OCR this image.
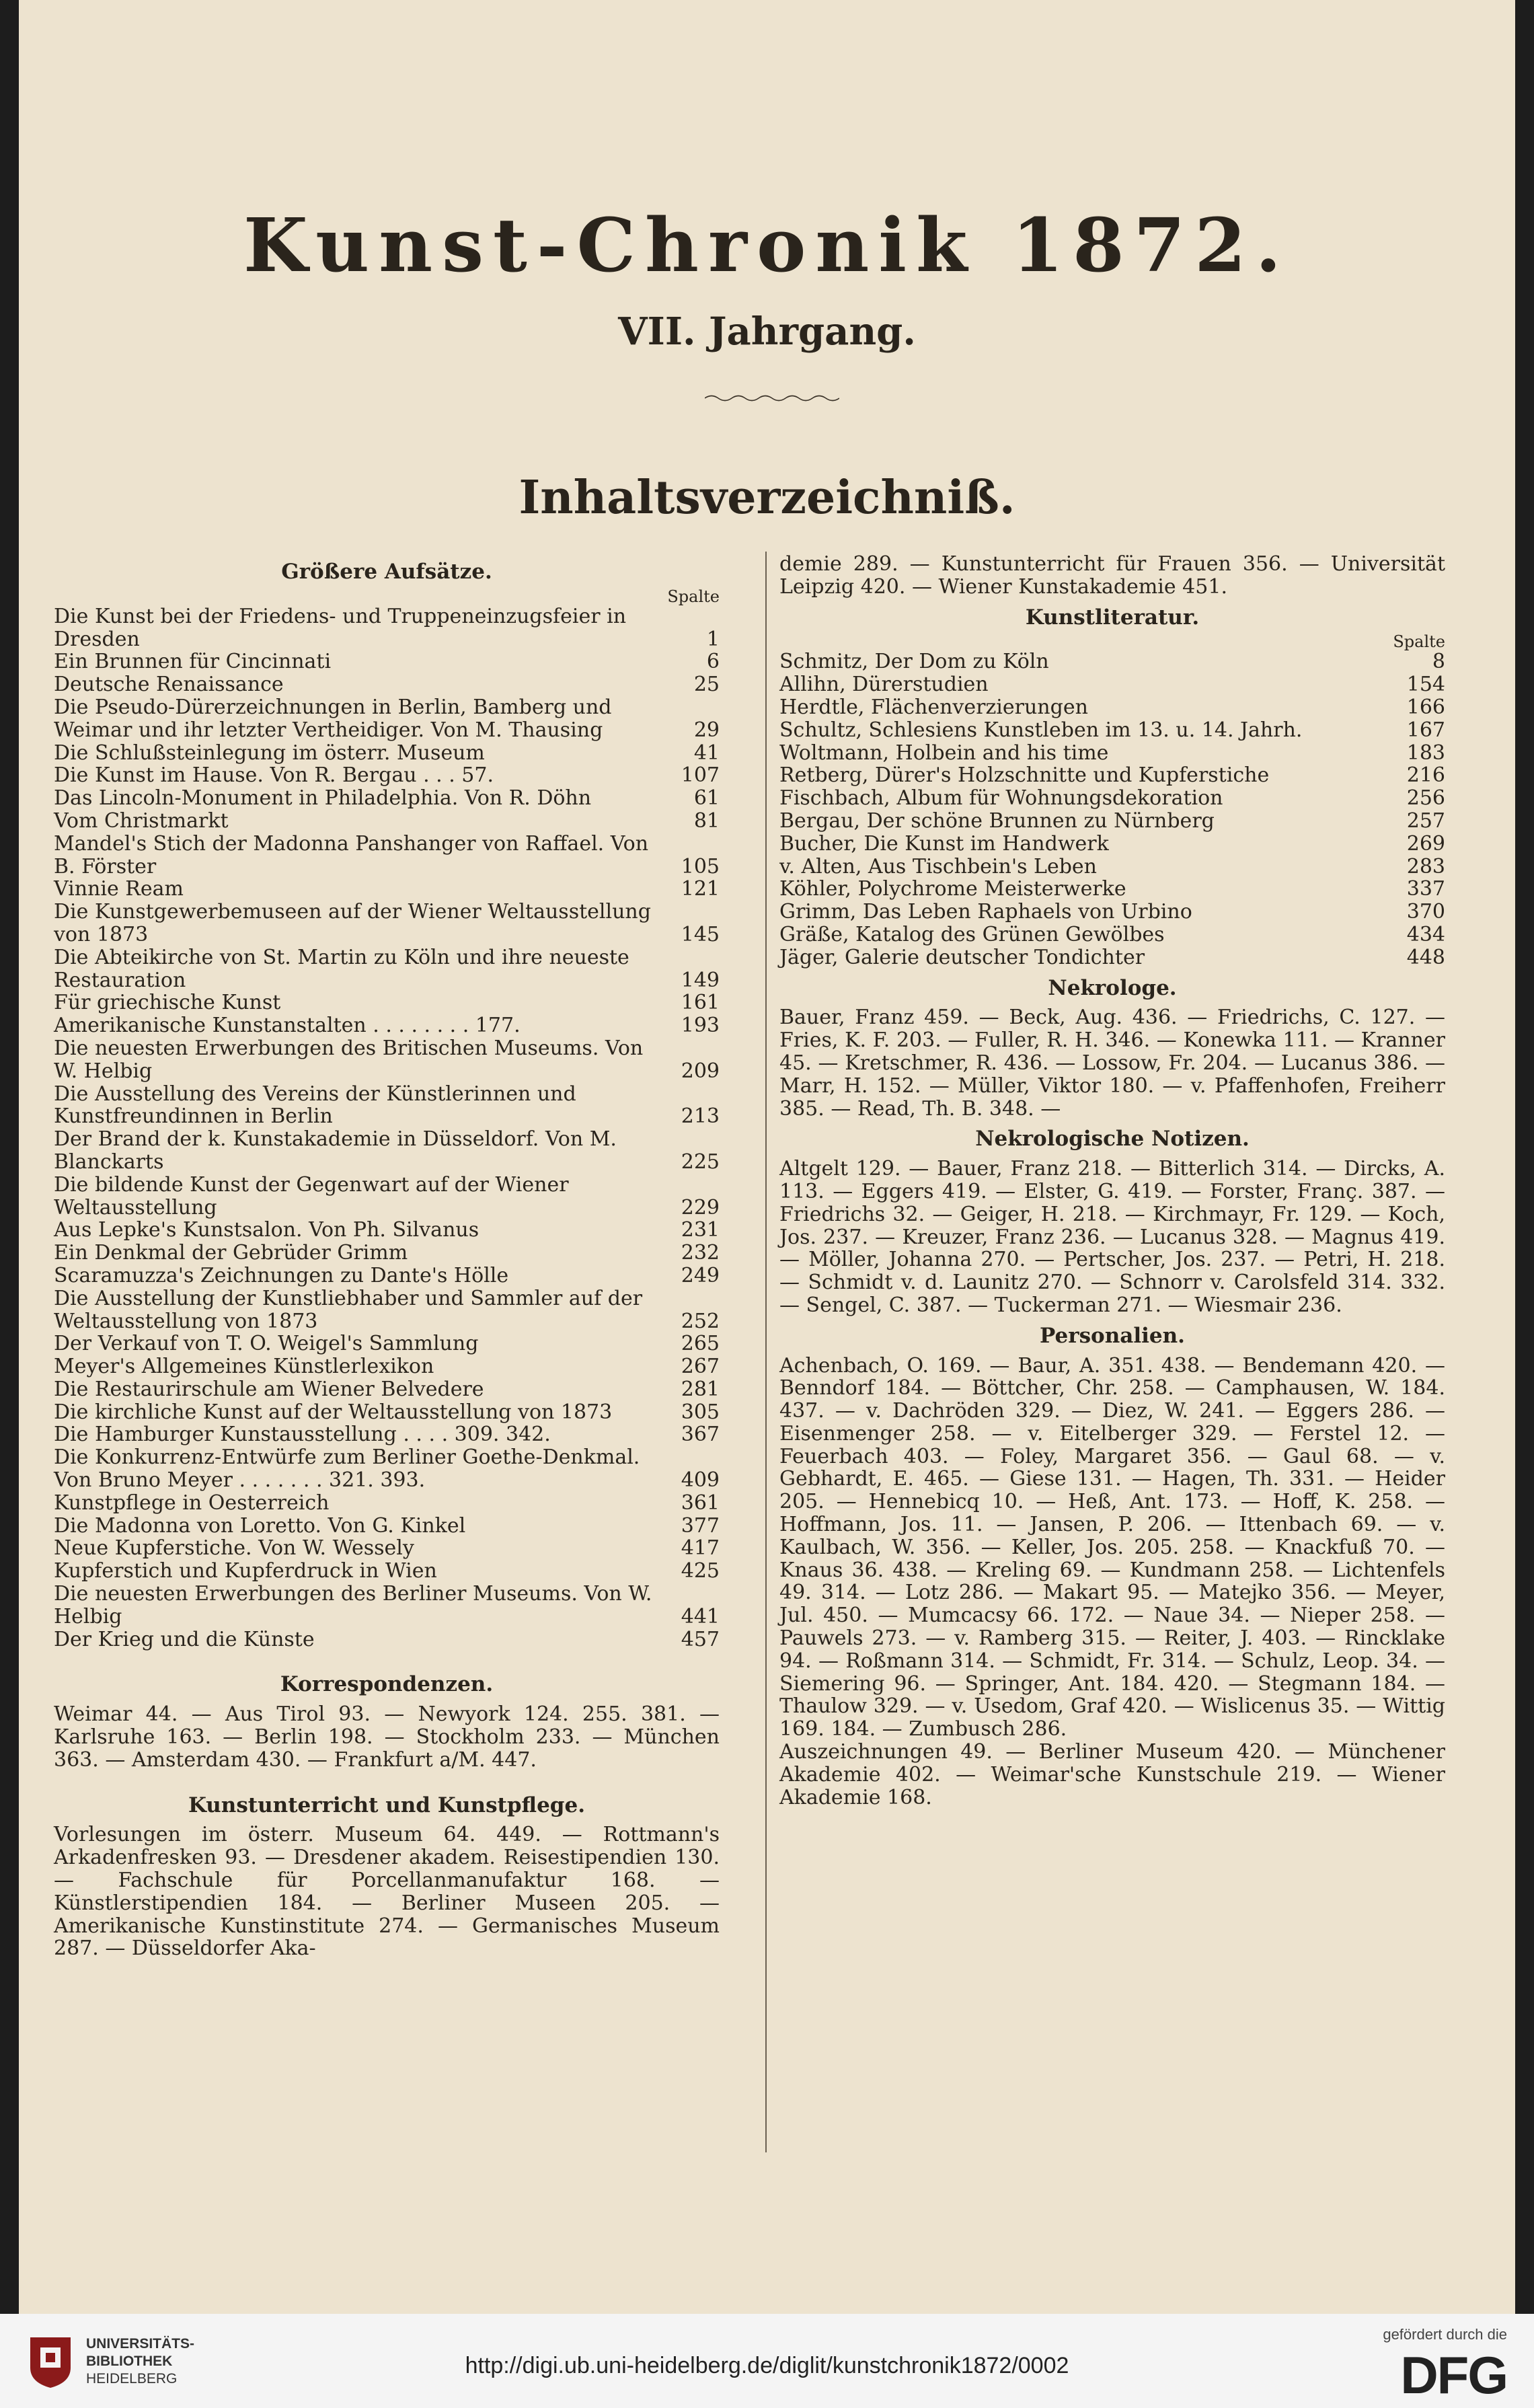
Kunst-Chronik 1872.
VII. Jahrgang.
Inhaltsverzeichniß.
Größere Aufsätze.
Spalte
Die Kunst bei der Friedens- und Truppeneinzugsfeier in Dresden	1
Ein Brunnen für Cincinnati	6
Deutsche Renaissance	25
Die Pseudo-Dürerzeichnungen in Berlin, Bamberg und Weimar und ihr letzter Vertheidiger. Von M. Thausing	29
Die Schlußsteinlegung im österr. Museum	41
Die Kunst im Hause. Von R. Bergau . . . 57.	107
Das Lincoln-Monument in Philadelphia. Von R. Döhn	61
Vom Christmarkt	81
Mandel's Stich der Madonna Panshanger von Raffael. Von B. Förster	105
Vinnie Ream	121
Die Kunstgewerbemuseen auf der Wiener Weltausstellung von 1873	145
Die Abteikirche von St. Martin zu Köln und ihre neueste Restauration	149
Für griechische Kunst	161
Amerikanische Kunstanstalten . . . . . . . . 177.	193
Die neuesten Erwerbungen des Britischen Museums. Von W. Helbig	209
Die Ausstellung des Vereins der Künstlerinnen und Kunstfreundinnen in Berlin	213
Der Brand der k. Kunstakademie in Düsseldorf. Von M. Blanckarts	225
Die bildende Kunst der Gegenwart auf der Wiener Weltausstellung	229
Aus Lepke's Kunstsalon. Von Ph. Silvanus	231
Ein Denkmal der Gebrüder Grimm	232
Scaramuzza's Zeichnungen zu Dante's Hölle	249
Die Ausstellung der Kunstliebhaber und Sammler auf der Weltausstellung von 1873	252
Der Verkauf von T. O. Weigel's Sammlung	265
Meyer's Allgemeines Künstlerlexikon	267
Die Restaurirschule am Wiener Belvedere	281
Die kirchliche Kunst auf der Weltausstellung von 1873	305
Die Hamburger Kunstausstellung . . . . 309. 342.	367
Die Konkurrenz-Entwürfe zum Berliner Goethe-Denkmal. Von Bruno Meyer . . . . . . . 321. 393.	409
Kunstpflege in Oesterreich	361
Die Madonna von Loretto. Von G. Kinkel	377
Neue Kupferstiche. Von W. Wessely	417
Kupferstich und Kupferdruck in Wien	425
Die neuesten Erwerbungen des Berliner Museums. Von W. Helbig	441
Der Krieg und die Künste	457
Korrespondenzen.
Weimar 44. — Aus Tirol 93. — Newyork 124. 255. 381. — Karlsruhe 163. — Berlin 198. — Stockholm 233. — München 363. — Amsterdam 430. — Frankfurt a/M. 447.
Kunstunterricht und Kunstpflege.
Vorlesungen im österr. Museum 64. 449. — Rottmann's Arkadenfresken 93. — Dresdener akadem. Reisestipendien 130. — Fachschule für Porcellanmanufaktur 168. — Künstlerstipendien 184. — Berliner Museen 205. — Amerikanische Kunstinstitute 274. — Germanisches Museum 287. — Düsseldorfer Aka-
demie 289. — Kunstunterricht für Frauen 356. — Universität Leipzig 420. — Wiener Kunstakademie 451.
Kunstliteratur.
Spalte
Schmitz, Der Dom zu Köln	8
Allihn, Dürerstudien	154
Herdtle, Flächenverzierungen	166
Schultz, Schlesiens Kunstleben im 13. u. 14. Jahrh.	167
Woltmann, Holbein and his time	183
Retberg, Dürer's Holzschnitte und Kupferstiche	216
Fischbach, Album für Wohnungsdekoration	256
Bergau, Der schöne Brunnen zu Nürnberg	257
Bucher, Die Kunst im Handwerk	269
v. Alten, Aus Tischbein's Leben	283
Köhler, Polychrome Meisterwerke	337
Grimm, Das Leben Raphaels von Urbino	370
Gräße, Katalog des Grünen Gewölbes	434
Jäger, Galerie deutscher Tondichter	448
Nekrologe.
Bauer, Franz 459. — Beck, Aug. 436. — Friedrichs, C. 127. — Fries, K. F. 203. — Fuller, R. H. 346. — Konewka 111. — Kranner 45. — Kretschmer, R. 436. — Lossow, Fr. 204. — Lucanus 386. — Marr, H. 152. — Müller, Viktor 180. — v. Pfaffenhofen, Freiherr 385. — Read, Th. B. 348. —
Nekrologische Notizen.
Altgelt 129. — Bauer, Franz 218. — Bitterlich 314. — Dircks, A. 113. — Eggers 419. — Elster, G. 419. — Forster, Franç. 387. — Friedrichs 32. — Geiger, H. 218. — Kirchmayr, Fr. 129. — Koch, Jos. 237. — Kreuzer, Franz 236. — Lucanus 328. — Magnus 419. — Möller, Johanna 270. — Pertscher, Jos. 237. — Petri, H. 218. — Schmidt v. d. Launitz 270. — Schnorr v. Carolsfeld 314. 332. — Sengel, C. 387. — Tuckerman 271. — Wiesmair 236.
Personalien.
Achenbach, O. 169. — Baur, A. 351. 438. — Bendemann 420. — Benndorf 184. — Böttcher, Chr. 258. — Camphausen, W. 184. 437. — v. Dachröden 329. — Diez, W. 241. — Eggers 286. — Eisenmenger 258. — v. Eitelberger 329. — Ferstel 12. — Feuerbach 403. — Foley, Margaret 356. — Gaul 68. — v. Gebhardt, E. 465. — Giese 131. — Hagen, Th. 331. — Heider 205. — Hennebicq 10. — Heß, Ant. 173. — Hoff, K. 258. — Hoffmann, Jos. 11. — Jansen, P. 206. — Ittenbach 69. — v. Kaulbach, W. 356. — Keller, Jos. 205. 258. — Knackfuß 70. — Knaus 36. 438. — Kreling 69. — Kundmann 258. — Lichtenfels 49. 314. — Lotz 286. — Makart 95. — Matejko 356. — Meyer, Jul. 450. — Mumcacsy 66. 172. — Naue 34. — Nieper 258. — Pauwels 273. — v. Ramberg 315. — Reiter, J. 403. — Rincklake 94. — Roßmann 314. — Schmidt, Fr. 314. — Schulz, Leop. 34. — Siemering 96. — Springer, Ant. 184. 420. — Stegmann 184. — Thaulow 329. — v. Usedom, Graf 420. — Wislicenus 35. — Wittig 169. 184. — Zumbusch 286.
Auszeichnungen 49. — Berliner Museum 420. — Münchener Akademie 402. — Weimar'sche Kunstschule 219. — Wiener Akademie 168.
UNIVERSITÄTS-
BIBLIOTHEK
HEIDELBERG
http://digi.ub.uni-heidelberg.de/diglit/kunstchronik1872/0002
gefördert durch die
DFG
